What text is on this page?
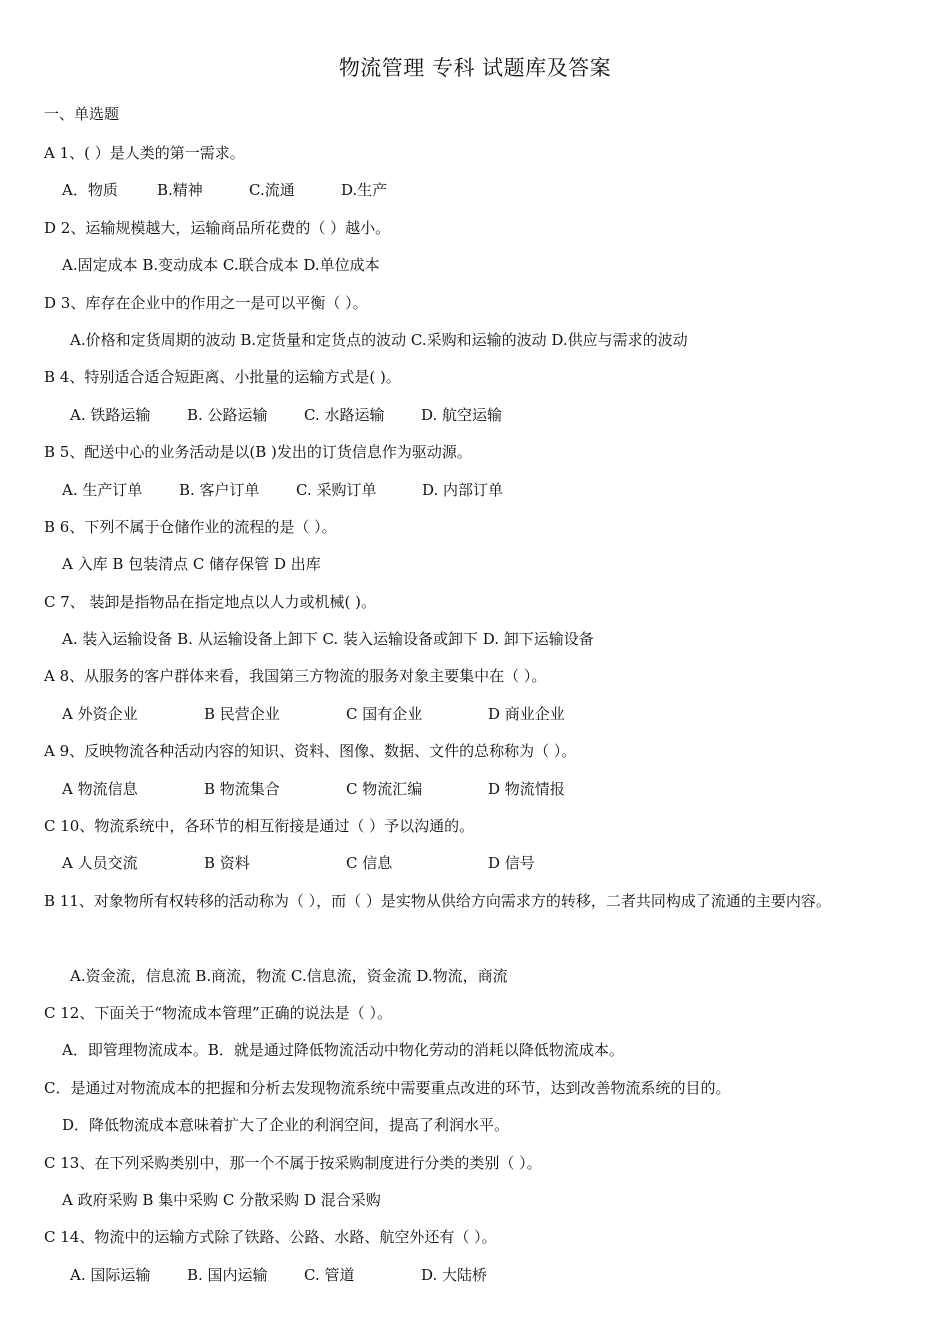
物流管理 专科 试题库及答案
一、单选题
A 1、( ）是人类的第一需求。
A．物质	B.精神	C.流通	D.生产
D 2、运输规模越大，运输商品所花费的（ ）越小。
A.固定成本 B.变动成本 C.联合成本 D.单位成本
D 3、库存在企业中的作用之一是可以平衡（ ）。
A.价格和定货周期的波动 B.定货量和定货点的波动 C.采购和运输的波动 D.供应与需求的波动
B 4、特别适合适合短距离、小批量的运输方式是( )。
A. 铁路运输	B. 公路运输	C. 水路运输	D. 航空运输
B 5、配送中心的业务活动是以(B )发出的订货信息作为驱动源。
A. 生产订单	B. 客户订单	C. 采购订单	D. 内部订单
B 6、下列不属于仓储作业的流程的是（ ）。
A 入库 B 包装清点 C 储存保管 D 出库
C 7、 装卸是指物品在指定地点以人力或机械( )。
A. 装入运输设备 B. 从运输设备上卸下 C. 装入运输设备或卸下 D. 卸下运输设备
A 8、从服务的客户群体来看，我国第三方物流的服务对象主要集中在（ ）。
A 外资企业	B 民营企业	C 国有企业	D 商业企业
A 9、反映物流各种活动内容的知识、资料、图像、数据、文件的总称称为（ ）。
A 物流信息	B 物流集合	C 物流汇编	D 物流情报
C 10、物流系统中，各环节的相互衔接是通过（ ）予以沟通的。
A 人员交流	B 资料	C 信息	D 信号
B 11、对象物所有权转移的活动称为（ ），而（ ）是实物从供给方向需求方的转移，二者共同构成了流通的主要内容。
A.资金流，信息流 B.商流，物流 C.信息流，资金流 D.物流，商流
C 12、下面关于“物流成本管理”正确的说法是（ ）。
A．即管理物流成本。B．就是通过降低物流活动中物化劳动的消耗以降低物流成本。
C．是通过对物流成本的把握和分析去发现物流系统中需要重点改进的环节，达到改善物流系统的目的。
D．降低物流成本意味着扩大了企业的利润空间，提高了利润水平。
C 13、在下列采购类别中，那一个不属于按采购制度进行分类的类别（ ）。
A 政府采购 B 集中采购 C 分散采购 D 混合采购
C 14、物流中的运输方式除了铁路、公路、水路、航空外还有（ ）。
A. 国际运输	B. 国内运输	C. 管道	D. 大陆桥
